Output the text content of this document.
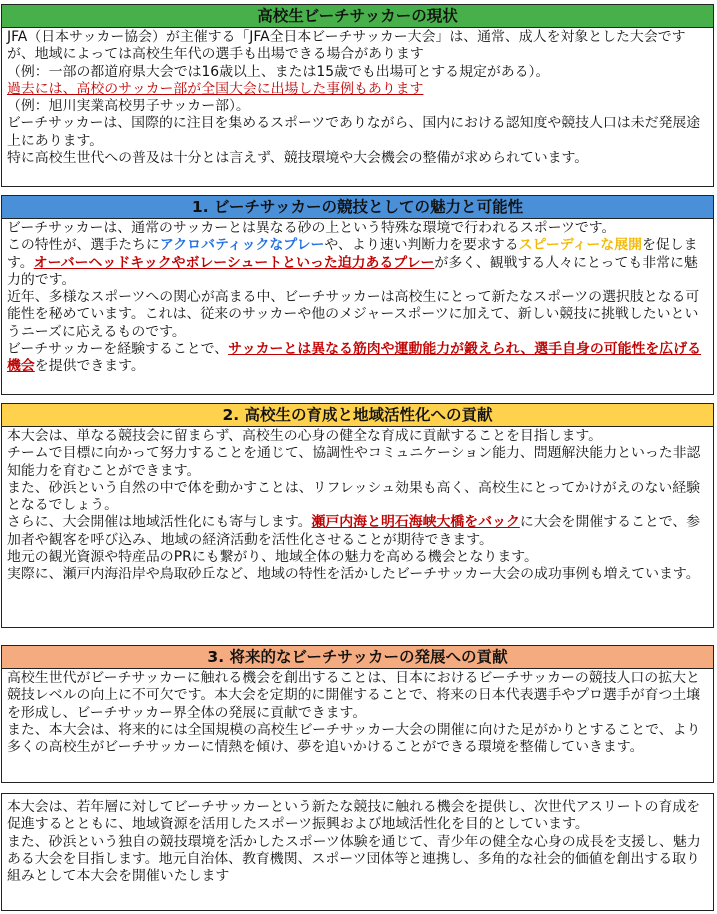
高校生ビーチサッカーの現状

JFA（日本サッカー協会）が主催する「JFA全日本ビーチサッカー大会」は、通常、成人を対象とした大会ですが、地域によっては高校生年代の選手も出場できる場合があります

（例：一部の都道府県大会では16歳以上、または15歳でも出場可とする規定がある）。

過去には、高校のサッカー部が全国大会に出場した事例もあります

（例：旭川実業高校男子サッカー部）。

ビーチサッカーは、国際的に注目を集めるスポーツでありながら、国内における認知度や競技人口は未だ発展途上にあります。

特に高校生世代への普及は十分とは言えず、競技環境や大会機会の整備が求められています。

1. ビーチサッカーの競技としての魅力と可能性

ビーチサッカーは、通常のサッカーとは異なる砂の上という特殊な環境で行われるスポーツです。

この特性が、選手たちにアクロバティックなプレーや、より速い判断力を要求するスピーディーな展開を促します。オーバーヘッドキックやボレーシュートといった迫力あるプレーが多く、観戦する人々にとっても非常に魅力的です。

近年、多様なスポーツへの関心が高まる中、ビーチサッカーは高校生にとって新たなスポーツの選択肢となる可能性を秘めています。これは、従来のサッカーや他のメジャースポーツに加えて、新しい競技に挑戦したいというニーズに応えるものです。

ビーチサッカーを経験することで、サッカーとは異なる筋肉や運動能力が鍛えられ、選手自身の可能性を広げる機会を提供できます。

2. 高校生の育成と地域活性化への貢献

本大会は、単なる競技会に留まらず、高校生の心身の健全な育成に貢献することを目指します。

チームで目標に向かって努力することを通じて、協調性やコミュニケーション能力、問題解決能力といった非認知能力を育むことができます。

また、砂浜という自然の中で体を動かすことは、リフレッシュ効果も高く、高校生にとってかけがえのない経験となるでしょう。

さらに、大会開催は地域活性化にも寄与します。瀬戸内海と明石海峡大橋をバックに大会を開催することで、参加者や観客を呼び込み、地域の経済活動を活性化させることが期待できます。

地元の観光資源や特産品のPRにも繋がり、地域全体の魅力を高める機会となります。

実際に、瀬戸内海沿岸や鳥取砂丘など、地域の特性を活かしたビーチサッカー大会の成功事例も増えています。

3. 将来的なビーチサッカーの発展への貢献

高校生世代がビーチサッカーに触れる機会を創出することは、日本におけるビーチサッカーの競技人口の拡大と競技レベルの向上に不可欠です。本大会を定期的に開催することで、将来の日本代表選手やプロ選手が育つ土壌を形成し、ビーチサッカー界全体の発展に貢献できます。

また、本大会は、将来的には全国規模の高校生ビーチサッカー大会の開催に向けた足がかりとすることで、より多くの高校生がビーチサッカーに情熱を傾け、夢を追いかけることができる環境を整備していきます。

本大会は、若年層に対してビーチサッカーという新たな競技に触れる機会を提供し、次世代アスリートの育成を促進するとともに、地域資源を活用したスポーツ振興および地域活性化を目的としています。

また、砂浜という独自の競技環境を活かしたスポーツ体験を通じて、青少年の健全な心身の成長を支援し、魅力ある大会を目指します。地元自治体、教育機関、スポーツ団体等と連携し、多角的な社会的価値を創出する取り組みとして本大会を開催いたします
